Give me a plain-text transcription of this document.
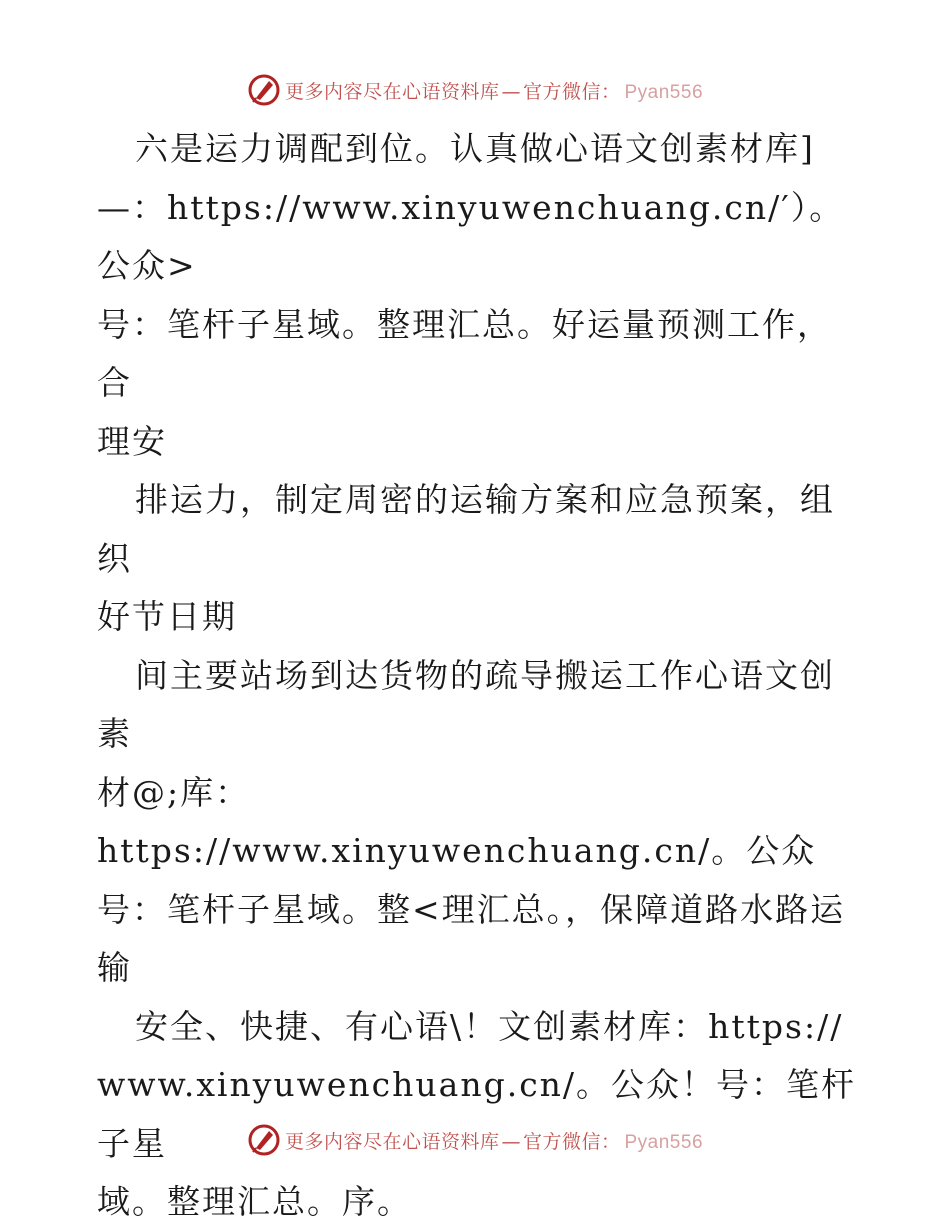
更多内容尽在心语资料库 — 官方微信： Pyan556

六是运力调配到位。认真做心语文创素材库]

—：https://www.xinyuwenchuang.cn/′）。公众>

号：笔杆子星域。整理汇总。好运量预测工作，合

理安

排运力，制定周密的运输方案和应急预案，组织

好节日期

间主要站场到达货物的疏导搬运工作心语文创素

材@;库：https://www.xinyuwenchuang.cn/。公众

号：笔杆子星域。整<理汇总。，保障道路水路运

输

安全、快捷、有心语\！文创素材库：https://

www.xinyuwenchuang.cn/。公众！号：笔杆子星

域。整理汇总。序。

更多内容尽在心语资料库 — 官方微信： Pyan556
